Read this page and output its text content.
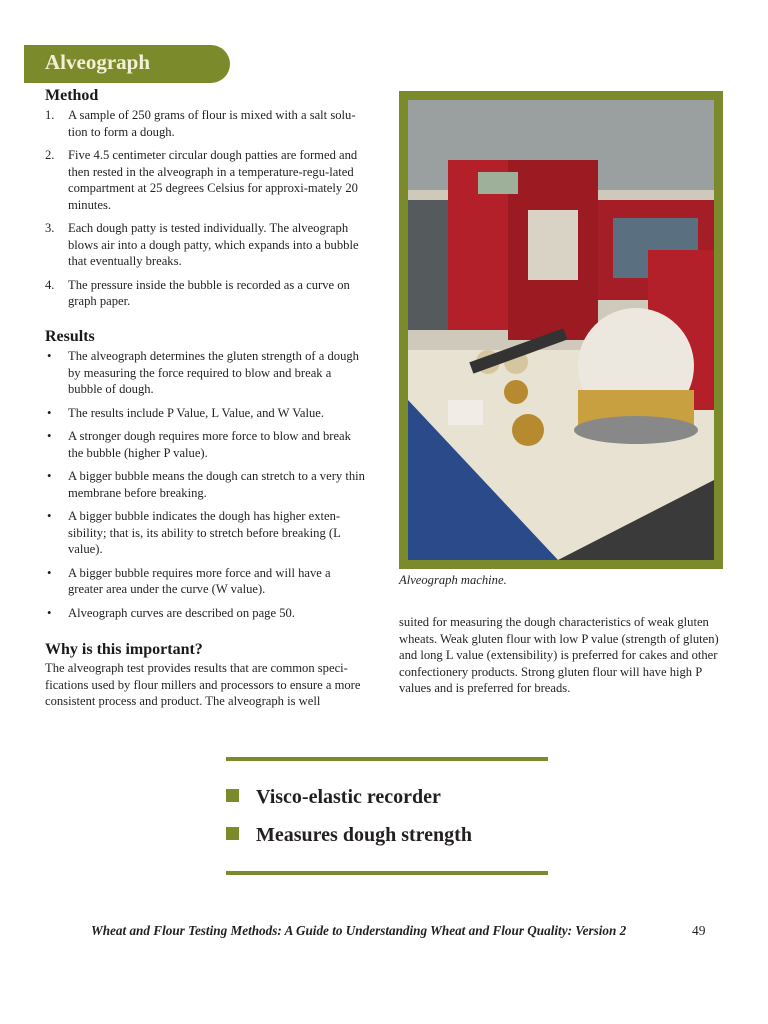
Alveograph
Method
1. A sample of 250 grams of flour is mixed with a salt solu-tion to form a dough.
2. Five 4.5 centimeter circular dough patties are formed and then rested in the alveograph in a temperature-regu-lated compartment at 25 degrees Celsius for approxi-mately 20 minutes.
3. Each dough patty is tested individually. The alveograph blows air into a dough patty, which expands into a bubble that eventually breaks.
4. The pressure inside the bubble is recorded as a curve on graph paper.
Results
• The alveograph determines the gluten strength of a dough by measuring the force required to blow and break a bubble of dough.
• The results include P Value, L Value, and W Value.
• A stronger dough requires more force to blow and break the bubble (higher P value).
• A bigger bubble means the dough can stretch to a very thin membrane before breaking.
• A bigger bubble indicates the dough has higher exten-sibility; that is, its ability to stretch before breaking (L value).
• A bigger bubble requires more force and will have a greater area under the curve (W value).
• Alveograph curves are described on page 50.
Why is this important?

The alveograph test provides results that are common speci-fications used by flour millers and processors to ensure a more consistent process and product. The alveograph is well

Alveograph machine.

suited for measuring the dough characteristics of weak gluten wheats. Weak gluten flour with low P value (strength of gluten) and long L value (extensibility) is preferred for cakes and other confectionery products. Strong gluten flour will have high P values and is preferred for breads.

Visco-elastic recorder
Measures dough strength
Wheat and Flour Testing Methods: A Guide to Understanding Wheat and Flour Quality: Version 2	49
